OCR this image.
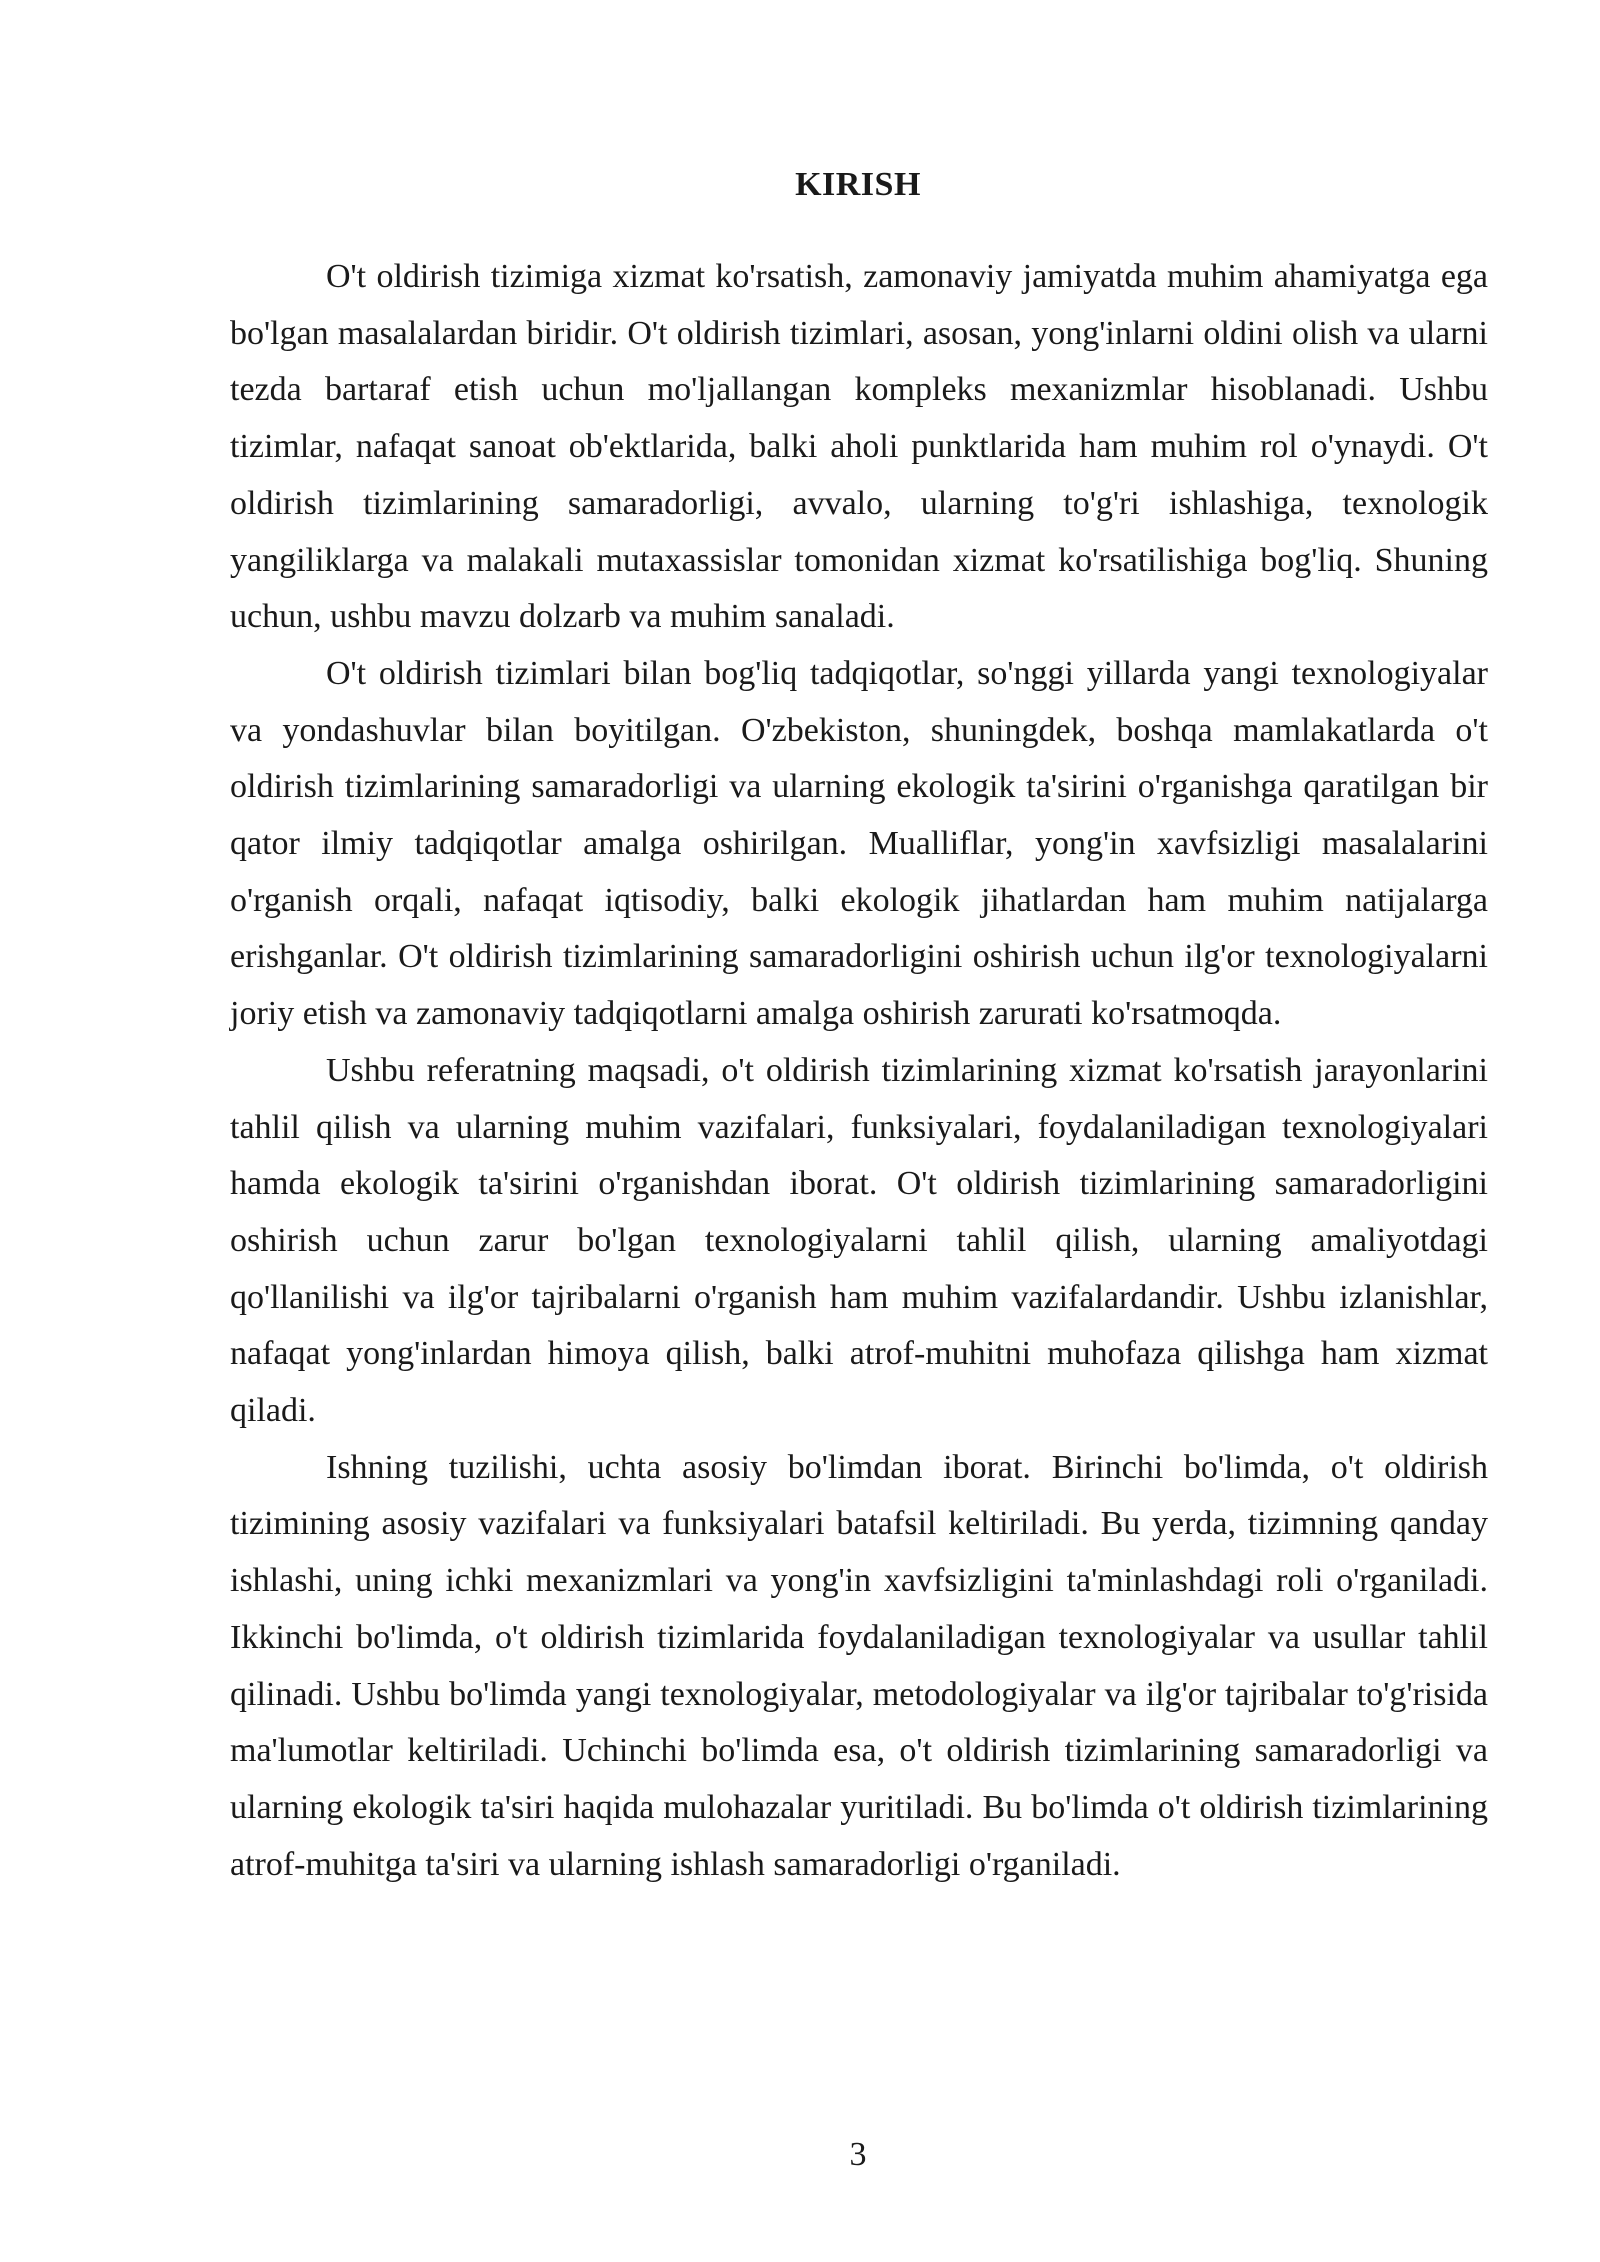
KIRISH

O't oldirish tizimiga xizmat ko'rsatish, zamonaviy jamiyatda muhim ahamiyatga ega bo'lgan masalalardan biridir. O't oldirish tizimlari, asosan, yong'inlarni oldini olish va ularni tezda bartaraf etish uchun mo'ljallangan kompleks mexanizmlar hisoblanadi. Ushbu tizimlar, nafaqat sanoat ob'ektlarida, balki aholi punktlarida ham muhim rol o'ynaydi. O't oldirish tizimlarining samaradorligi, avvalo, ularning to'g'ri ishlashiga, texnologik yangiliklarga va malakali mutaxassislar tomonidan xizmat ko'rsatilishiga bog'liq. Shuning uchun, ushbu mavzu dolzarb va muhim sanaladi.

O't oldirish tizimlari bilan bog'liq tadqiqotlar, so'nggi yillarda yangi texnologiyalar va yondashuvlar bilan boyitilgan. O'zbekiston, shuningdek, boshqa mamlakatlarda o't oldirish tizimlarining samaradorligi va ularning ekologik ta'sirini o'rganishga qaratilgan bir qator ilmiy tadqiqotlar amalga oshirilgan. Mualliflar, yong'in xavfsizligi masalalarini o'rganish orqali, nafaqat iqtisodiy, balki ekologik jihatlardan ham muhim natijalarga erishganlar. O't oldirish tizimlarining samaradorligini oshirish uchun ilg'or texnologiyalarni joriy etish va zamonaviy tadqiqotlarni amalga oshirish zarurati ko'rsatmoqda.

Ushbu referatning maqsadi, o't oldirish tizimlarining xizmat ko'rsatish jarayonlarini tahlil qilish va ularning muhim vazifalari, funksiyalari, foydalaniladigan texnologiyalari hamda ekologik ta'sirini o'rganishdan iborat. O't oldirish tizimlarining samaradorligini oshirish uchun zarur bo'lgan texnologiyalarni tahlil qilish, ularning amaliyotdagi qo'llanilishi va ilg'or tajribalarni o'rganish ham muhim vazifalardandir. Ushbu izlanishlar, nafaqat yong'inlardan himoya qilish, balki atrof-muhitni muhofaza qilishga ham xizmat qiladi.

Ishning tuzilishi, uchta asosiy bo'limdan iborat. Birinchi bo'limda, o't oldirish tizimining asosiy vazifalari va funksiyalari batafsil keltiriladi. Bu yerda, tizimning qanday ishlashi, uning ichki mexanizmlari va yong'in xavfsizligini ta'minlashdagi roli o'rganiladi. Ikkinchi bo'limda, o't oldirish tizimlarida foydalaniladigan texnologiyalar va usullar tahlil qilinadi. Ushbu bo'limda yangi texnologiyalar, metodologiyalar va ilg'or tajribalar to'g'risida ma'lumotlar keltiriladi. Uchinchi bo'limda esa, o't oldirish tizimlarining samaradorligi va ularning ekologik ta'siri haqida mulohazalar yuritiladi. Bu bo'limda o't oldirish tizimlarining atrof-muhitga ta'siri va ularning ishlash samaradorligi o'rganiladi.

3
